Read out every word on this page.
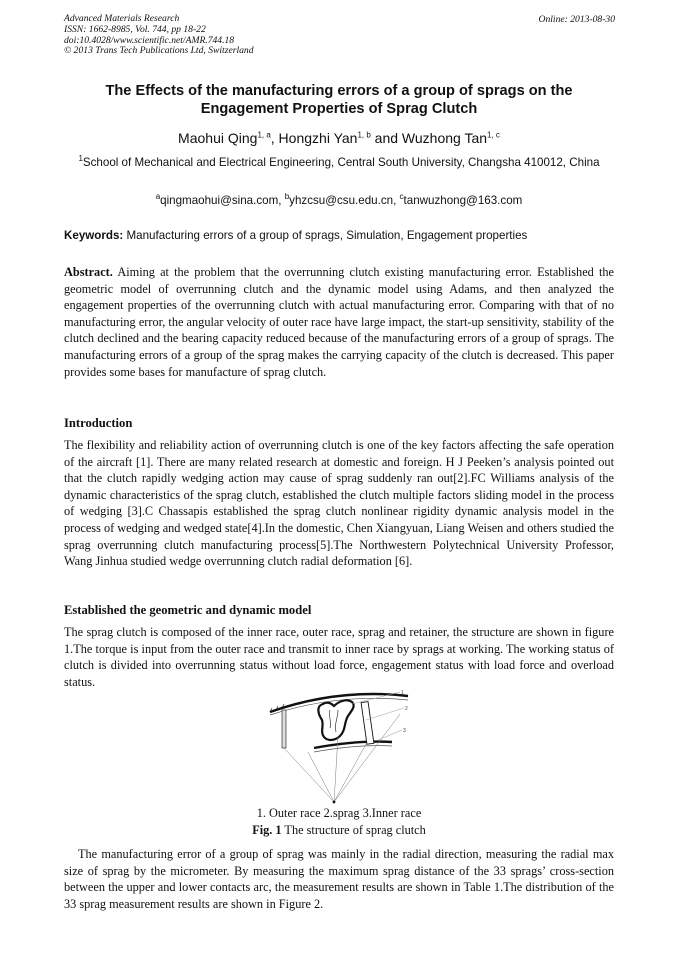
Advanced Materials Research
ISSN: 1662-8985, Vol. 744, pp 18-22
doi:10.4028/www.scientific.net/AMR.744.18
© 2013 Trans Tech Publications Ltd, Switzerland
Online: 2013-08-30
The Effects of the manufacturing errors of a group of sprags on the
Engagement Properties of Sprag Clutch
Maohui Qing$^{1, a}$, Hongzhi Yan$^{1, b}$ and Wuzhong Tan$^{1, c}$
$^1$School of Mechanical and Electrical Engineering, Central South University, Changsha 410012, China
$^a$qingmaohui@sina.com, $^b$yhzcsu@csu.edu.cn, $^c$tanwuzhong@163.com
Keywords: Manufacturing errors of a group of sprags, Simulation, Engagement properties
Abstract. Aiming at the problem that the overrunning clutch existing manufacturing error. Established the geometric model of overrunning clutch and the dynamic model using Adams, and then analyzed the engagement properties of the overrunning clutch with actual manufacturing error. Comparing with that of no manufacturing error, the angular velocity of outer race have large impact, the start-up sensitivity, stability of the clutch declined and the bearing capacity reduced because of the manufacturing errors of a group of sprags. The manufacturing errors of a group of the sprag makes the carrying capacity of the clutch is decreased. This paper provides some bases for manufacture of sprag clutch.
Introduction
The flexibility and reliability action of overrunning clutch is one of the key factors affecting the safe operation of the aircraft [1]. There are many related research at domestic and foreign. H J Peeken’s analysis pointed out that the clutch rapidly wedging action may cause of sprag suddenly ran out[2].FC Williams analysis of the dynamic characteristics of the sprag clutch, established the clutch multiple factors sliding model in the process of wedging [3].C Chassapis established the sprag clutch nonlinear rigidity dynamic analysis model in the process of wedging and wedged state[4].In the domestic, Chen Xiangyuan, Liang Weisen and others studied the sprag overrunning clutch manufacturing process[5].The Northwestern Polytechnical University Professor, Wang Jinhua studied wedge overrunning clutch radial deformation [6].
Established the geometric and dynamic model
The sprag clutch is composed of the inner race, outer race, sprag and retainer, the structure are shown in figure 1.The torque is input from the outer race and transmit to inner race by sprags at working. The working status of clutch is divided into overrunning status without load force, engagement status with load force and overload status.
1
2
3
1. Outer race 2.sprag 3.Inner race
Fig. 1 The structure of sprag clutch
The manufacturing error of a group of sprag was mainly in the radial direction, measuring the radial max size of sprag by the micrometer. By measuring the maximum sprag distance of the 33 sprags’ cross-section between the upper and lower contacts arc, the measurement results are shown in Table 1.The distribution of the 33 sprag measurement results are shown in Figure 2.
